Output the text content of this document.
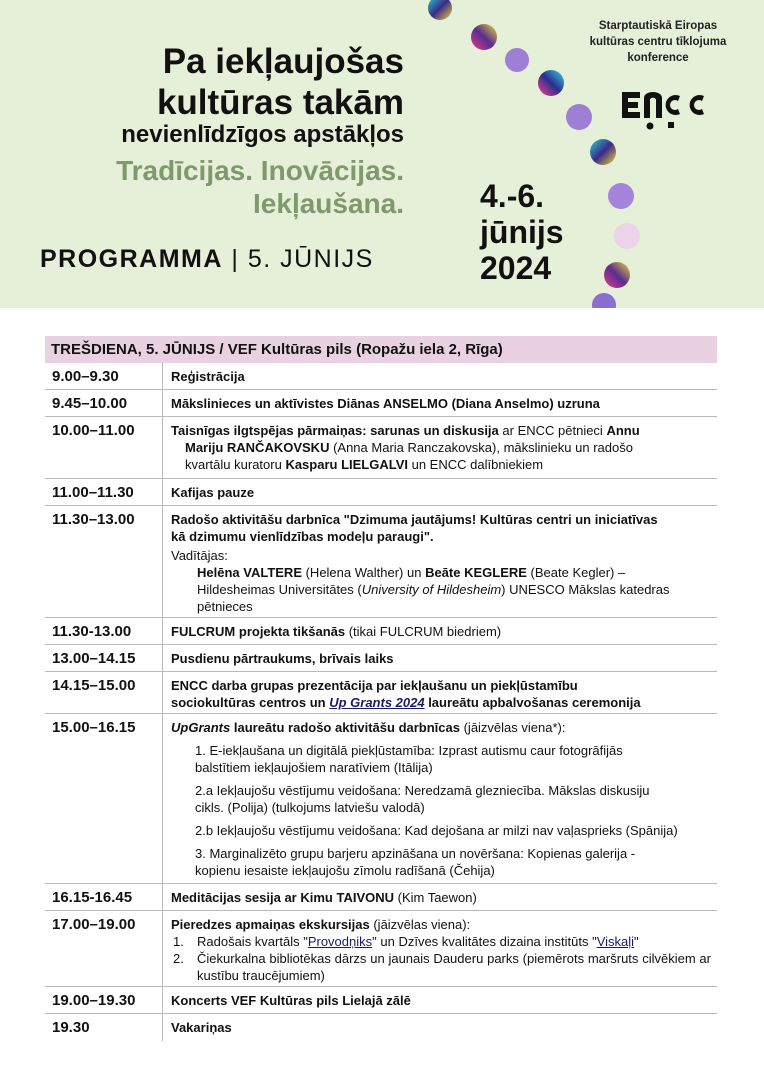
Pa iekļaujošas
kultūras takām
nevienlīdzīgos apstākļos
Tradīcijas. Inovācijas.
Iekļaušana.
PROGRAMMA | 5. JŪNIJS
4.-6.
jūnijs
2024
Starptautiskā Eiropas
kultūras centru tīklojuma
konference
TREŠDIENA, 5. JŪNIJS / VEF Kultūras pils (Ropažu iela 2, Rīga)
9.00–9.30	Reģistrācija
9.45–10.00	Mākslinieces un aktīvistes Diānas ANSELMO (Diana Anselmo) uzruna
10.00–11.00	Taisnīgas ilgtspējas pārmaiņas: sarunas un diskusija ar ENCC pētnieci Annu
Mariju RANČAKOVSKU (Anna Maria Ranczakovska), mākslinieku un radošo
kvartālu kuratoru Kasparu LIELGALVI un ENCC dalībniekiem
11.00–11.30	Kafijas pauze
11.30–13.00	Radošo aktivitāšu darbnīca "Dzimuma jautājums! Kultūras centri un iniciatīvas
kā dzimumu vienlīdzības modeļu paraugi".
Vadītājas:
Helēna VALTERE (Helena Walther) un Beāte KEGLERE (Beate Kegler) –
Hildesheimas Universitātes (University of Hildesheim) UNESCO Mākslas katedras
pētnieces
11.30-13.00	FULCRUM projekta tikšanās (tikai FULCRUM biedriem)
13.00–14.15	Pusdienu pārtraukums, brīvais laiks
14.15–15.00	ENCC darba grupas prezentācija par iekļaušanu un piekļūstamību
sociokultūras centros un Up Grants 2024 laureātu apbalvošanas ceremonija
15.00–16.15	UpGrants laureātu radošo aktivitāšu darbnīcas (jāizvēlas viena*):
1. E-iekļaušana un digitālā piekļūstamība: Izprast autismu caur fotogrāfijās
balstītiem iekļaujošiem naratīviem (Itālija)
2.a Iekļaujošu vēstījumu veidošana: Neredzamā glezniecība. Mākslas diskusiju
cikls. (Polija) (tulkojums latviešu valodā)
2.b Iekļaujošu vēstījumu veidošana: Kad dejošana ar milzi nav vaļasprieks (Spānija)
3. Marginalizēto grupu barjeru apzināšana un novēršana: Kopienas galerija -
kopienu iesaiste iekļaujošu zīmolu radīšanā (Čehija)
16.15-16.45	Meditācijas sesija ar Kimu TAIVONU (Kim Taewon)
17.00–19.00	Pieredzes apmaiņas ekskursijas (jāizvēlas viena):
1.	Radošais kvartāls "Provodņiks" un Dzīves kvalitātes dizaina institūts "Viskaļi"
2.	Čiekurkalna bibliotēkas dārzs un jaunais Dauderu parks (piemērots maršruts cilvēkiem ar kustību traucējumiem)
19.00–19.30	Koncerts VEF Kultūras pils Lielajā zālē
19.30	Vakariņas
